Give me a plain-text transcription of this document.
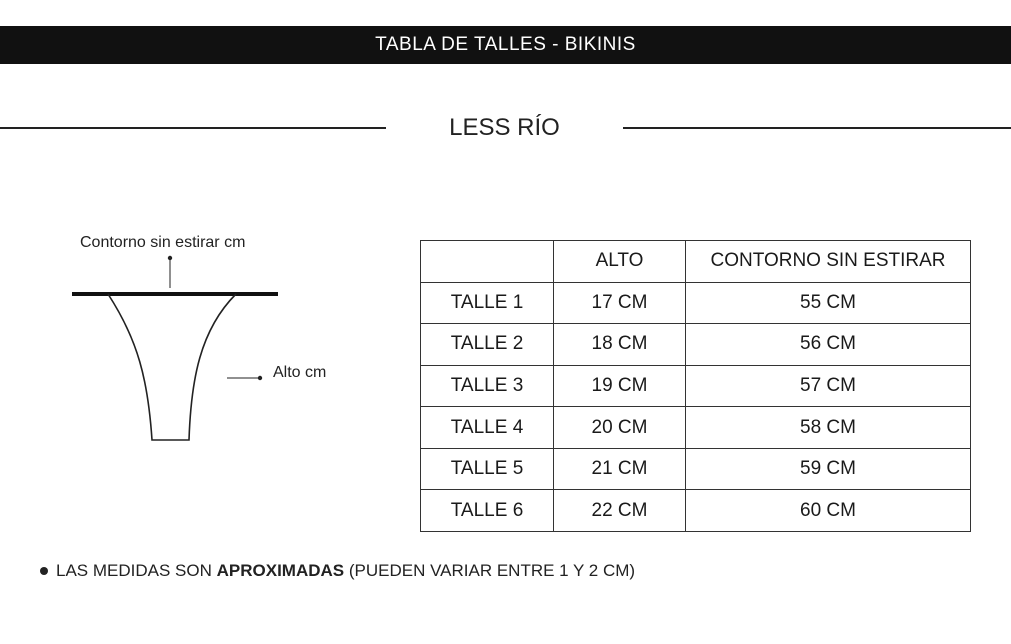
TABLA DE TALLES - BIKINIS
LESS RÍO
Contorno sin estirar cm
Alto cm
	ALTO	CONTORNO SIN ESTIRAR
TALLE 1	17 CM	55 CM
TALLE 2	18 CM	56 CM
TALLE 3	19 CM	57 CM
TALLE 4	20 CM	58 CM
TALLE 5	21 CM	59 CM
TALLE 6	22 CM	60 CM
LAS MEDIDAS SON APROXIMADAS (PUEDEN VARIAR ENTRE 1 Y 2 CM)
